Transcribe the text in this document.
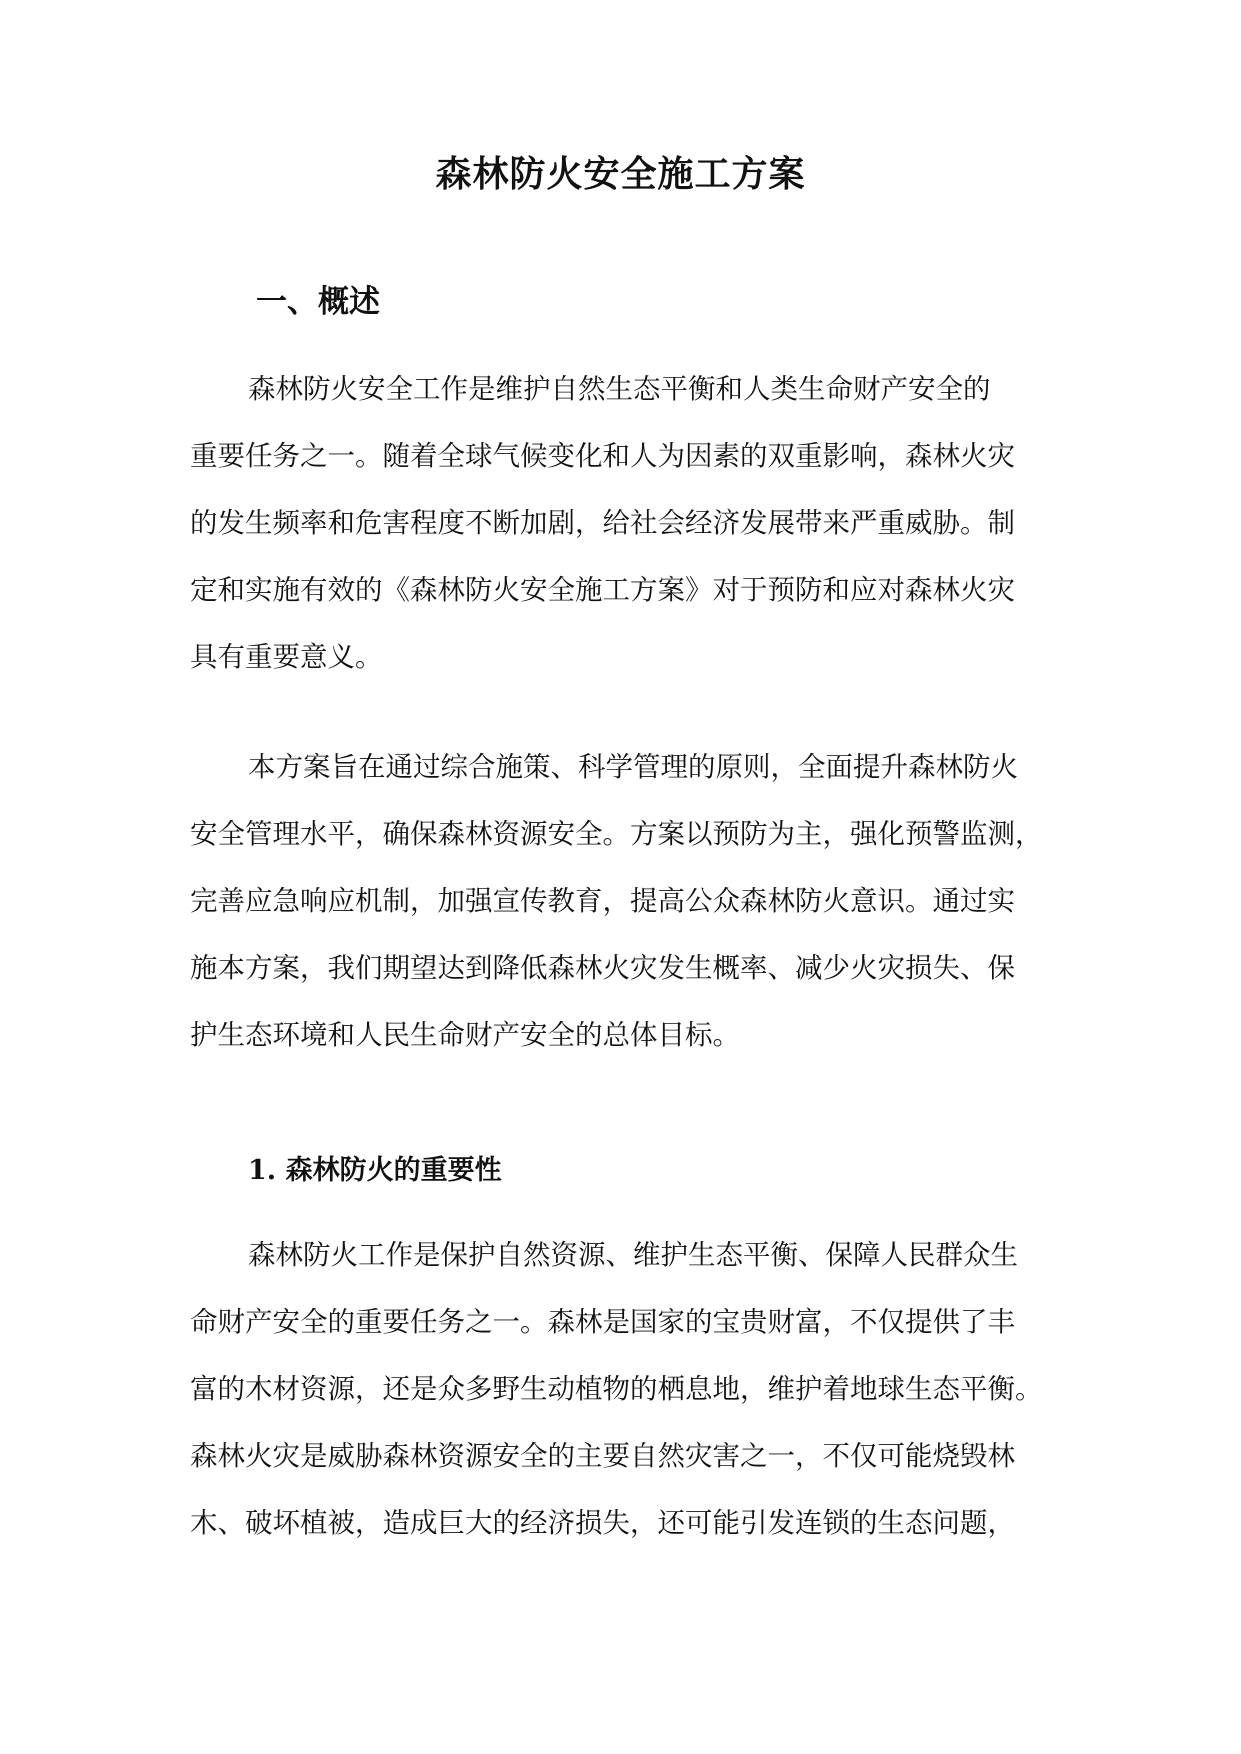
森林防火安全施工方案
一、概述
森林防火安全工作是维护自然生态平衡和人类生命财产安全的
重要任务之一。随着全球气候变化和人为因素的双重影响，森林火灾
的发生频率和危害程度不断加剧，给社会经济发展带来严重威胁。制
定和实施有效的《森林防火安全施工方案》对于预防和应对森林火灾
具有重要意义。
本方案旨在通过综合施策、科学管理的原则，全面提升森林防火
安全管理水平，确保森林资源安全。方案以预防为主，强化预警监测，
完善应急响应机制，加强宣传教育，提高公众森林防火意识。通过实
施本方案，我们期望达到降低森林火灾发生概率、减少火灾损失、保
护生态环境和人民生命财产安全的总体目标。
1. 森林防火的重要性
森林防火工作是保护自然资源、维护生态平衡、保障人民群众生
命财产安全的重要任务之一。森林是国家的宝贵财富，不仅提供了丰
富的木材资源，还是众多野生动植物的栖息地，维护着地球生态平衡。
森林火灾是威胁森林资源安全的主要自然灾害之一，不仅可能烧毁林
木、破坏植被，造成巨大的经济损失，还可能引发连锁的生态问题，
